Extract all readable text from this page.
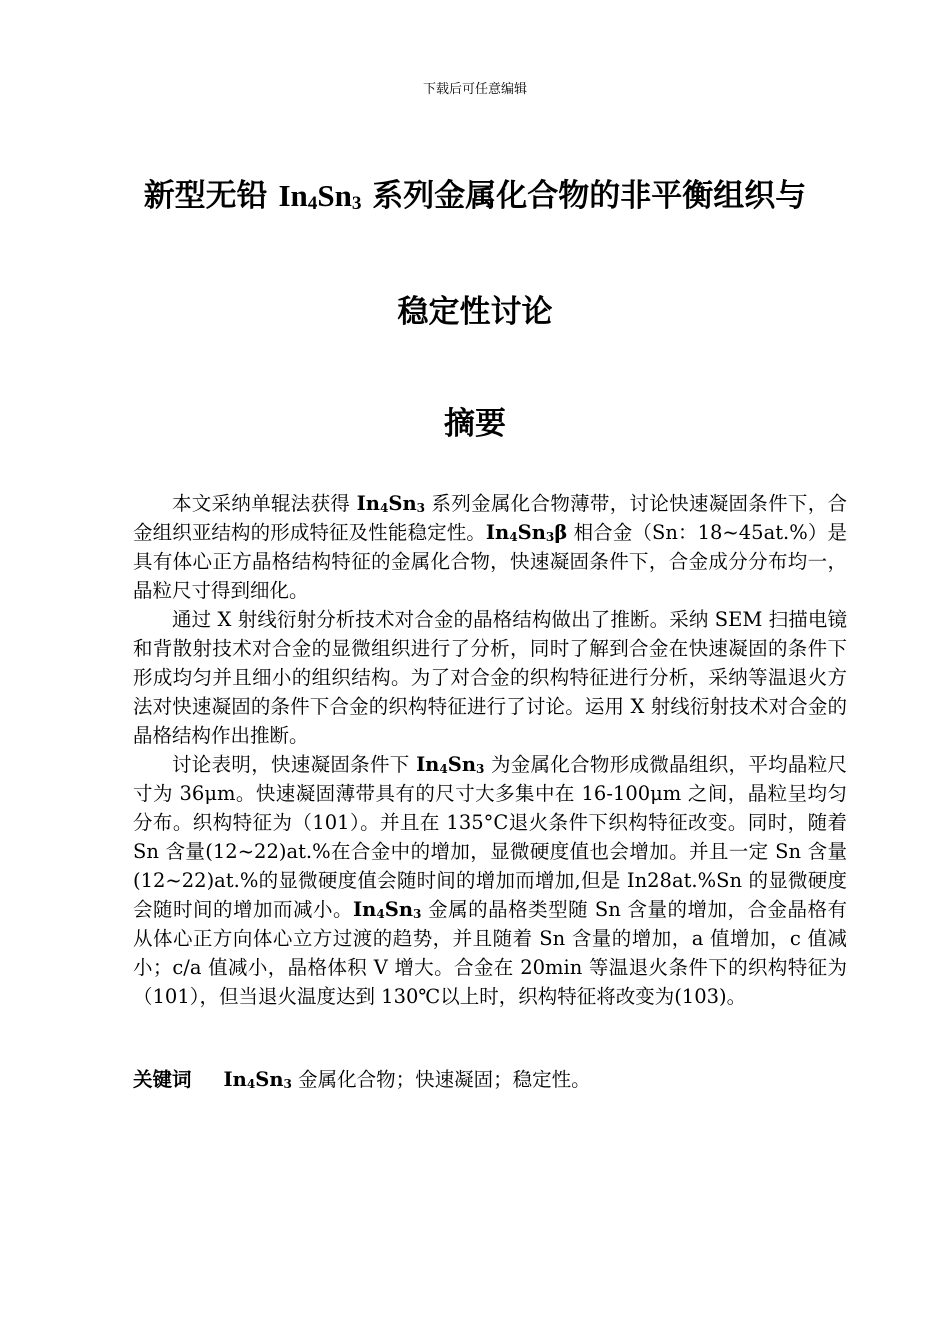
下载后可任意编辑
新型无铅 In4Sn3 系列金属化合物的非平衡组织与
稳定性讨论
摘要

本文采纳单辊法获得 In4Sn3 系列金属化合物薄带，讨论快速凝固条件下，合金组织亚结构的形成特征及性能稳定性。In4Sn3β 相合金（Sn：18~45at.%）是具有体心正方晶格结构特征的金属化合物，快速凝固条件下，合金成分分布均一，晶粒尺寸得到细化。

通过 X 射线衍射分析技术对合金的晶格结构做出了推断。采纳 SEM 扫描电镜和背散射技术对合金的显微组织进行了分析，同时了解到合金在快速凝固的条件下形成均匀并且细小的组织结构。为了对合金的织构特征进行分析，采纳等温退火方法对快速凝固的条件下合金的织构特征进行了讨论。运用 X 射线衍射技术对合金的晶格结构作出推断。

讨论表明，快速凝固条件下 In4Sn3 为金属化合物形成微晶组织，平均晶粒尺寸为 36μm。快速凝固薄带具有的尺寸大多集中在 16-100μm 之间，晶粒呈均匀分布。织构特征为（101）。并且在 135°C退火条件下织构特征改变。同时，随着 Sn 含量(12~22)at.%在合金中的增加，显微硬度值也会增加。并且一定 Sn 含量(12~22)at.%的显微硬度值会随时间的增加而增加,但是 In28at.%Sn 的显微硬度会随时间的增加而减小。In4Sn3 金属的晶格类型随 Sn 含量的增加，合金晶格有从体心正方向体心立方过渡的趋势，并且随着 Sn 含量的增加，a 值增加，c 值减小；c/a 值减小，晶格体积 V 增大。合金在 20min 等温退火条件下的织构特征为（101），但当退火温度达到 130℃以上时，织构特征将改变为(103)。

关键词 In4Sn3 金属化合物；快速凝固；稳定性。
